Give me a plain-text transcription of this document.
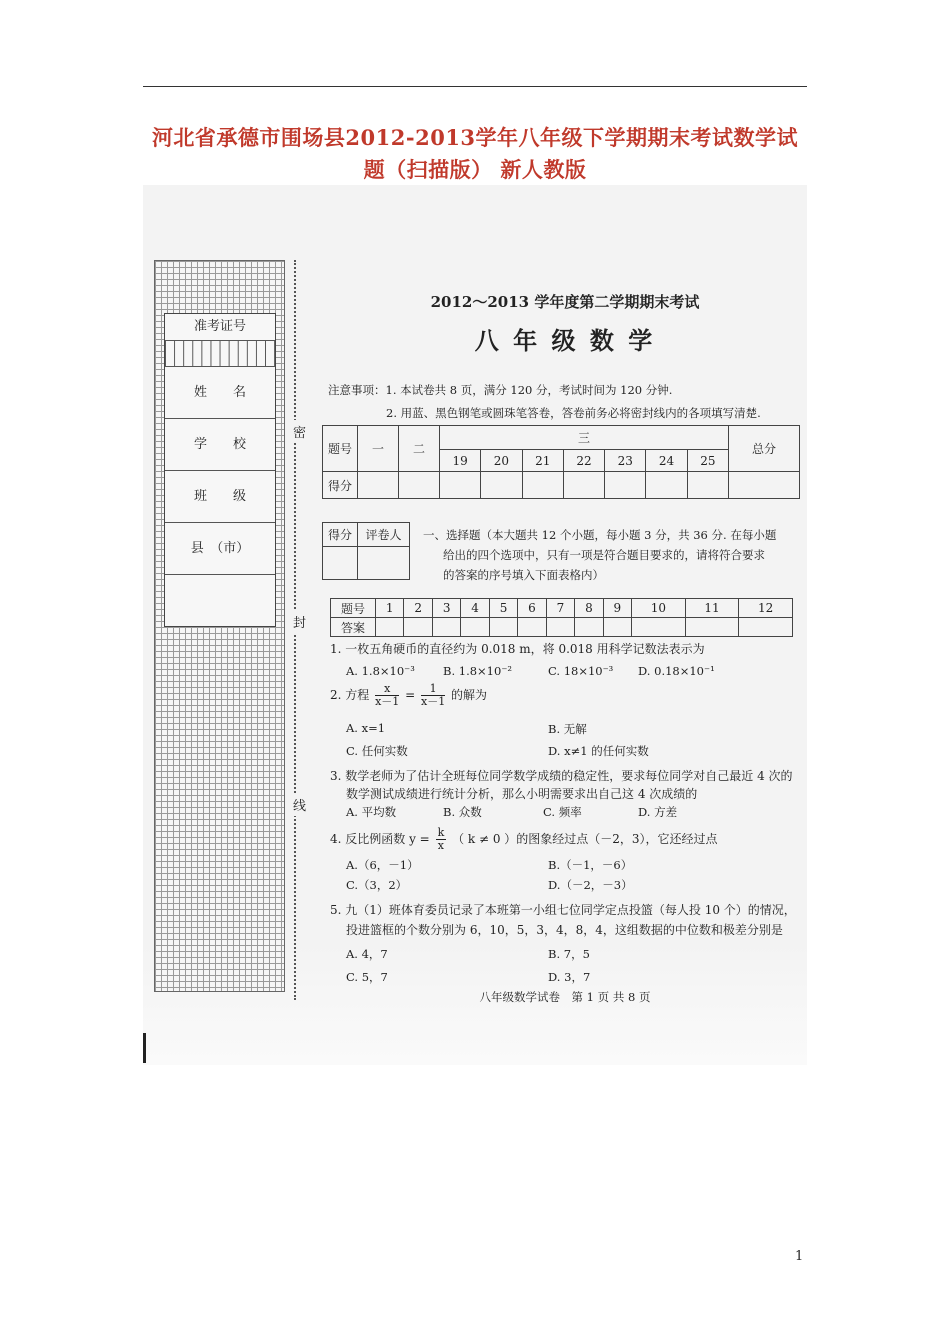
河北省承德市围场县2012-2013学年八年级下学期期末考试数学试
题（扫描版） 新人教版
准考证号
姓　　名
学　　校
班　　级
县　（市）
密
封
线
2012～2013 学年度第二学期期末考试
八 年 级 数 学
注意事项：1. 本试卷共 8 页，满分 120 分，考试时间为 120 分钟.
2. 用蓝、黑色钢笔或圆珠笔答卷，答卷前务必将密封线内的各项填写清楚.
题号	一	二	三							总分
			19	20	21	22	23	24	25	
得分										
得分	评卷人
	一、选择题（本大题共 12 个小题，每小题 3 分，共 36 分. 在每小题
给出的四个选项中，只有一项是符合题目要求的，请将符合要求
的答案的序号填入下面表格内）
题号	1	2	3	4	5	6	7	8	9	10	11	12
答案												
1. 一枚五角硬币的直径约为 0.018 m，将 0.018 用科学记数法表示为
A. 1.8×10⁻³ B. 1.8×10⁻²	C. 18×10⁻³ D. 0.18×10⁻¹
2. 方程 $\frac{x}{x-1} = \frac{1}{x-1}$ 的解为
A. x=1	B. 无解
C. 任何实数	D. x≠1 的任何实数
3. 数学老师为了估计全班每位同学数学成绩的稳定性，要求每位同学对自己最近 4 次的
数学测试成绩进行统计分析，那么小明需要求出自己这 4 次成绩的
A. 平均数	B. 众数	C. 频率	D. 方差
4. 反比例函数 $y = \frac{k}{x}$ （ k ≠ 0 ）的图象经过点（－2，3），它还经过点
A.（6，－1）	B.（－1，－6）
C.（3，2）	D.（－2，－3）
5. 九（1）班体育委员记录了本班第一小组七位同学定点投篮（每人投 10 个）的情况，
投进篮框的个数分别为 6，10，5，3，4，8，4，这组数据的中位数和极差分别是
A. 4，7	B. 7，5
C. 5，7	D. 3，7
八年级数学试卷　第 1 页 共 8 页
1
